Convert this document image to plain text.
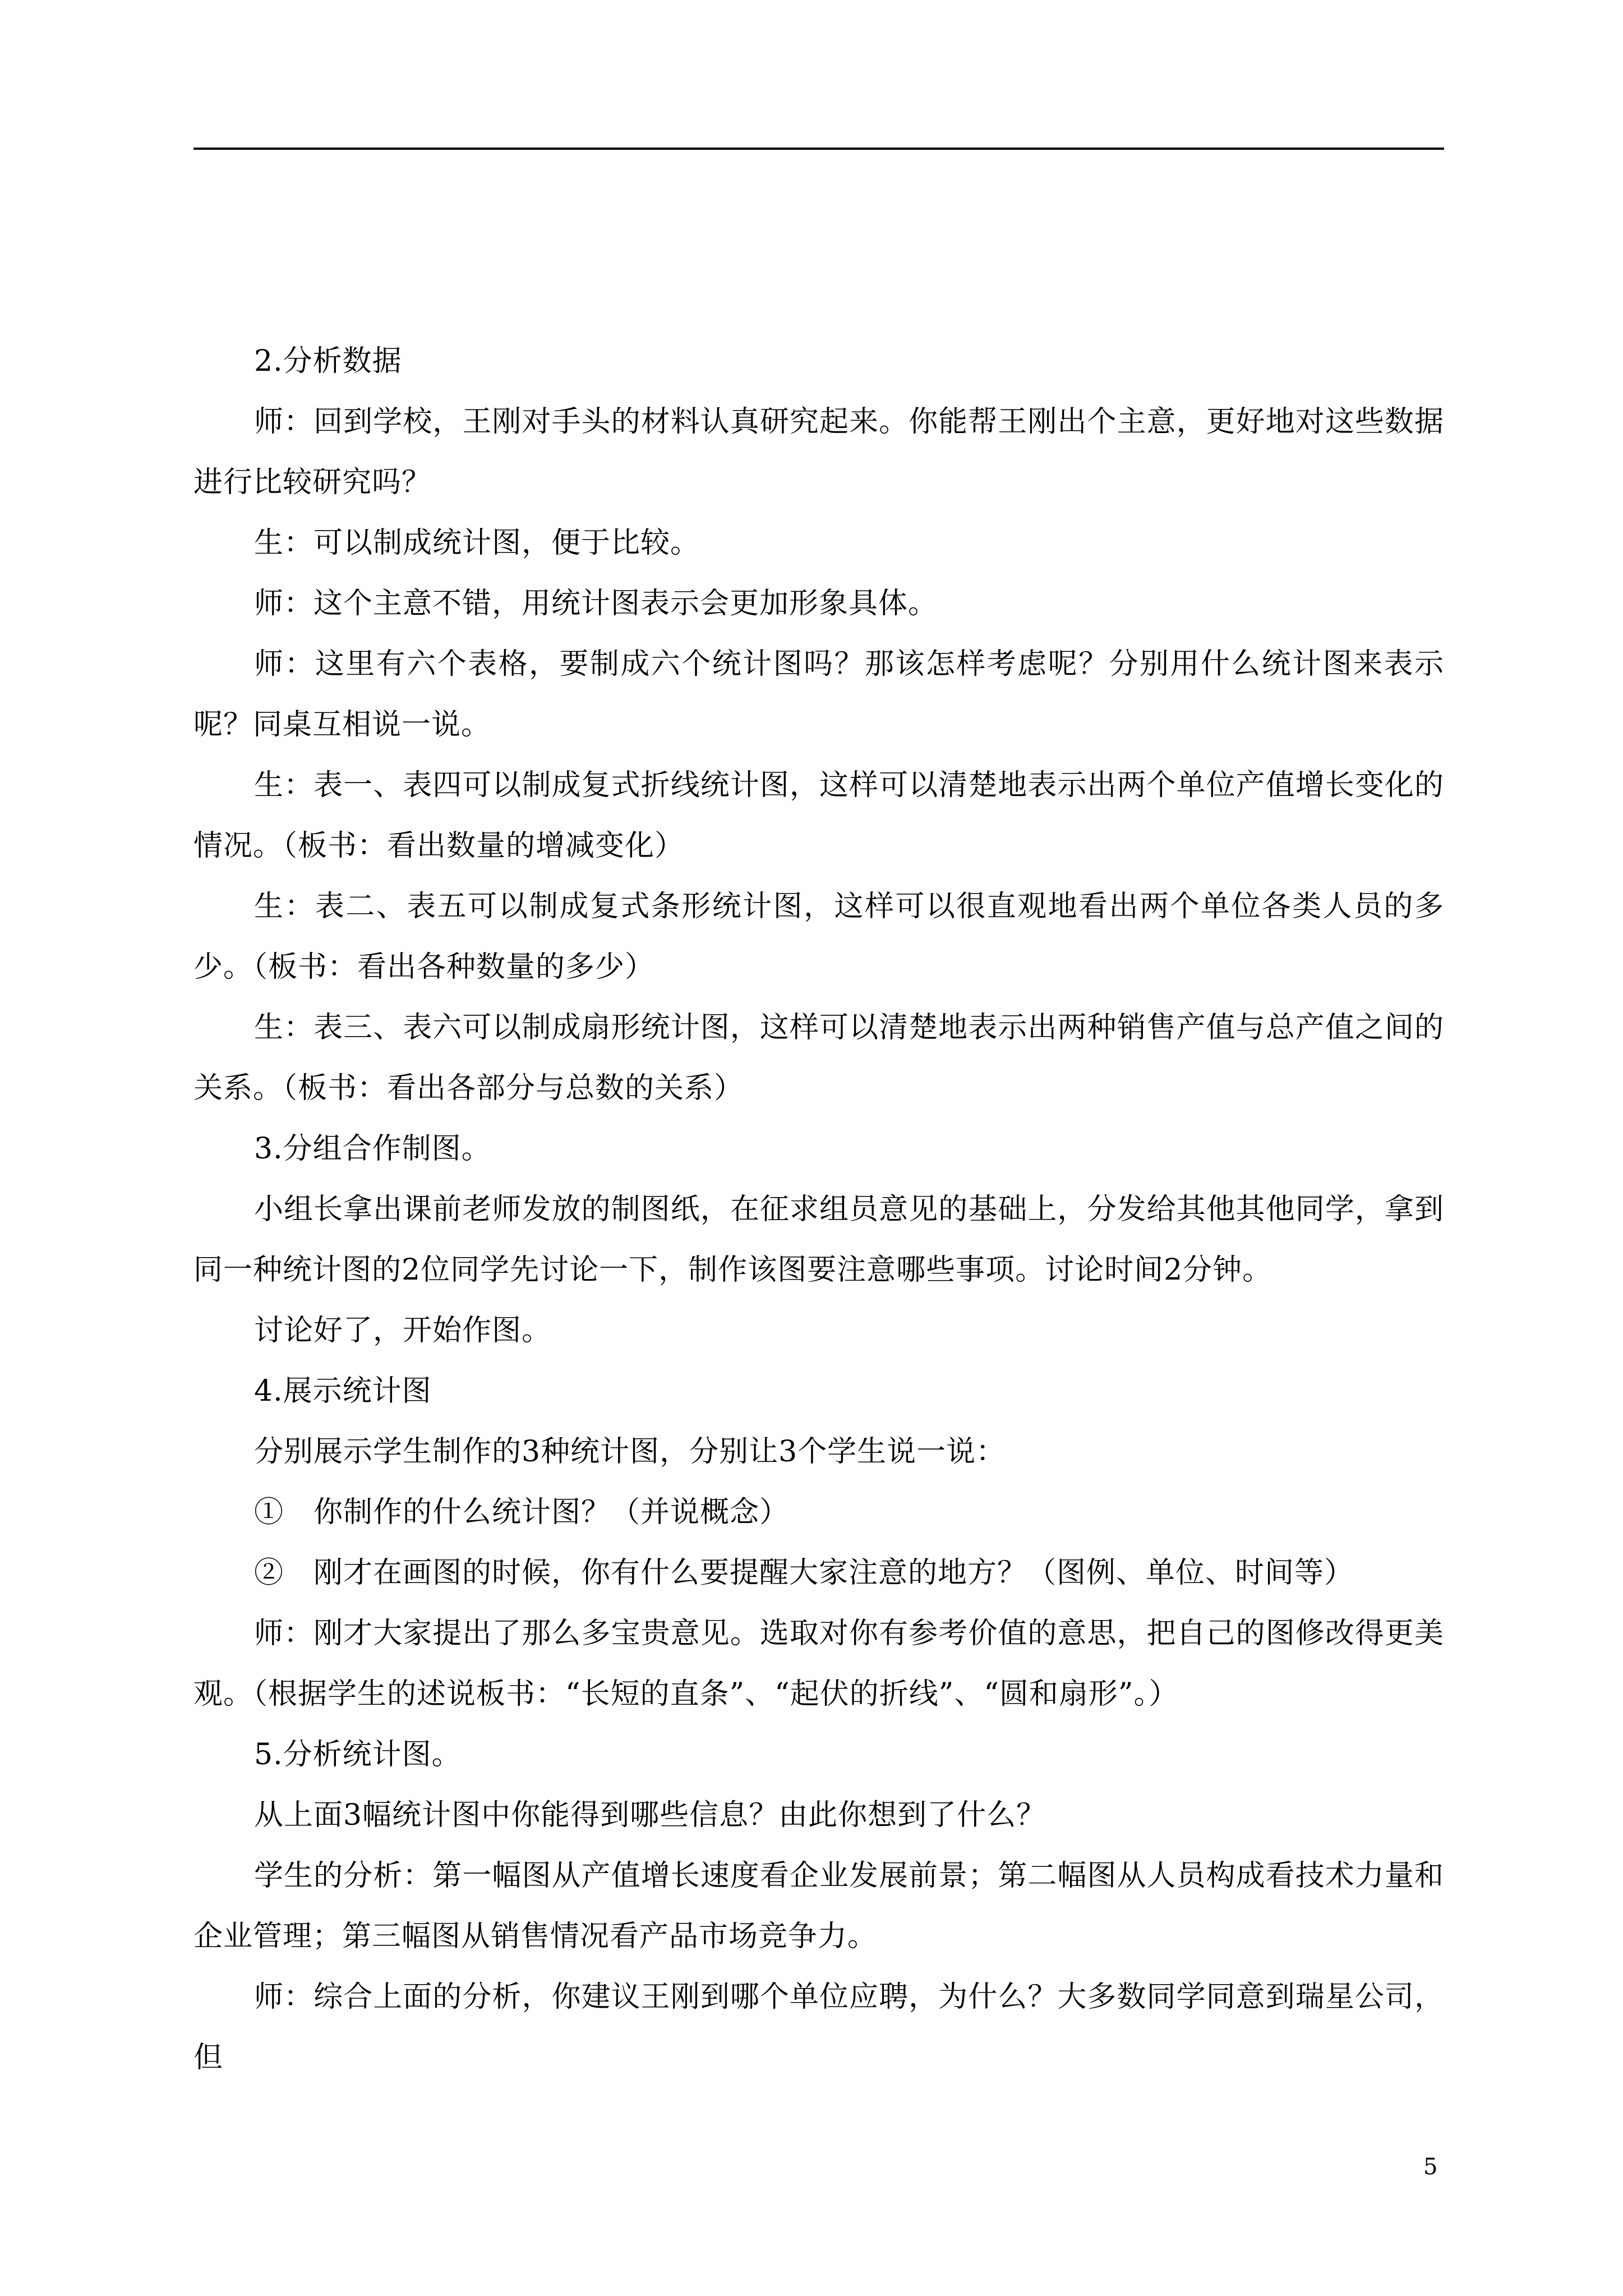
2.分析数据

师：回到学校，王刚对手头的材料认真研究起来。你能帮王刚出个主意，更好地对这些数据进行比较研究吗？

生：可以制成统计图，便于比较。

师：这个主意不错，用统计图表示会更加形象具体。

师：这里有六个表格，要制成六个统计图吗？那该怎样考虑呢？分别用什么统计图来表示呢？同桌互相说一说。

生：表一、表四可以制成复式折线统计图，这样可以清楚地表示出两个单位产值增长变化的情况。（板书：看出数量的增减变化）

生：表二、表五可以制成复式条形统计图，这样可以很直观地看出两个单位各类人员的多少。（板书：看出各种数量的多少）

生：表三、表六可以制成扇形统计图，这样可以清楚地表示出两种销售产值与总产值之间的关系。（板书：看出各部分与总数的关系）

3.分组合作制图。

小组长拿出课前老师发放的制图纸，在征求组员意见的基础上，分发给其他其他同学，拿到同一种统计图的2位同学先讨论一下，制作该图要注意哪些事项。讨论时间2分钟。

讨论好了，开始作图。

4.展示统计图

分别展示学生制作的3种统计图，分别让3个学生说一说：

①　你制作的什么统计图？（并说概念）

②　刚才在画图的时候，你有什么要提醒大家注意的地方？（图例、单位、时间等）

师：刚才大家提出了那么多宝贵意见。选取对你有参考价值的意思，把自己的图修改得更美观。（根据学生的述说板书：“长短的直条”、“起伏的折线”、“圆和扇形”。）

5.分析统计图。

从上面3幅统计图中你能得到哪些信息？由此你想到了什么？

学生的分析：第一幅图从产值增长速度看企业发展前景；第二幅图从人员构成看技术力量和企业管理；第三幅图从销售情况看产品市场竞争力。

师：综合上面的分析，你建议王刚到哪个单位应聘，为什么？大多数同学同意到瑞星公司，但

5
